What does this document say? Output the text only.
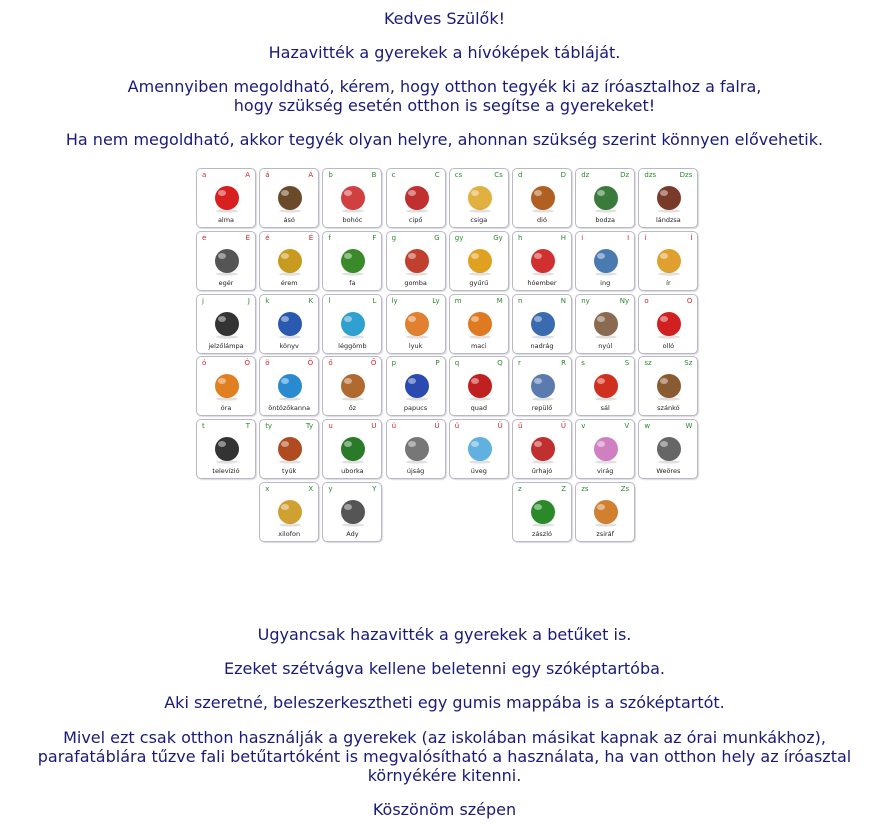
Kedves Szülők!

Hazavitték a gyerekek a hívóképek tábláját.

Amennyiben megoldható, kérem, hogy otthon tegyék ki az íróasztalhoz a falra,

hogy szükség esetén otthon is segítse a gyerekeket!

Ha nem megoldható, akkor tegyék olyan helyre, ahonnan szükség szerint könnyen elővehetik.

a	A
alma
á	Á
ásó
b	B
bohóc
c	C
cipő
cs	Cs
csiga
d	D
dió
dz	Dz
bodza
dzs	Dzs
lándzsa
e	E
egér
é	É
érem
f	F
fa
g	G
gomba
gy	Gy
gyűrű
h	H
hóember
i	I
ing
í	Í
ír
j	J
jelzőlámpa
k	K
könyv
l	L
léggömb
ly	Ly
lyuk
m	M
maci
n	N
nadrág
ny	Ny
nyúl
o	O
olló
ó	Ó
óra
ö	Ö
öntözőkanna
ő	Ő
őz
p	P
papucs
q	Q
quad
r	R
repülő
s	S
sál
sz	Sz
szánkó
t	T
televízió
ty	Ty
tyúk
u	U
uborka
ú	Ú
újság
ü	Ü
üveg
ű	Ű
űrhajó
v	V
virág
w	W
Weöres
x	X
xilofon
y	Y
Ady
z	Z
zászló
zs	Zs
zsiráf

Ugyancsak hazavitték a gyerekek a betűket is.

Ezeket szétvágva kellene beletenni egy szóképtartóba.

Aki szeretné, beleszerkesztheti egy gumis mappába is a szóképtartót.

Mivel ezt csak otthon használják a gyerekek (az iskolában másikat kapnak az órai munkákhoz),

parafatáblára tűzve fali betűtartóként is megvalósítható a használata, ha van otthon hely az íróasztal

környékére kitenni.

Köszönöm szépen
